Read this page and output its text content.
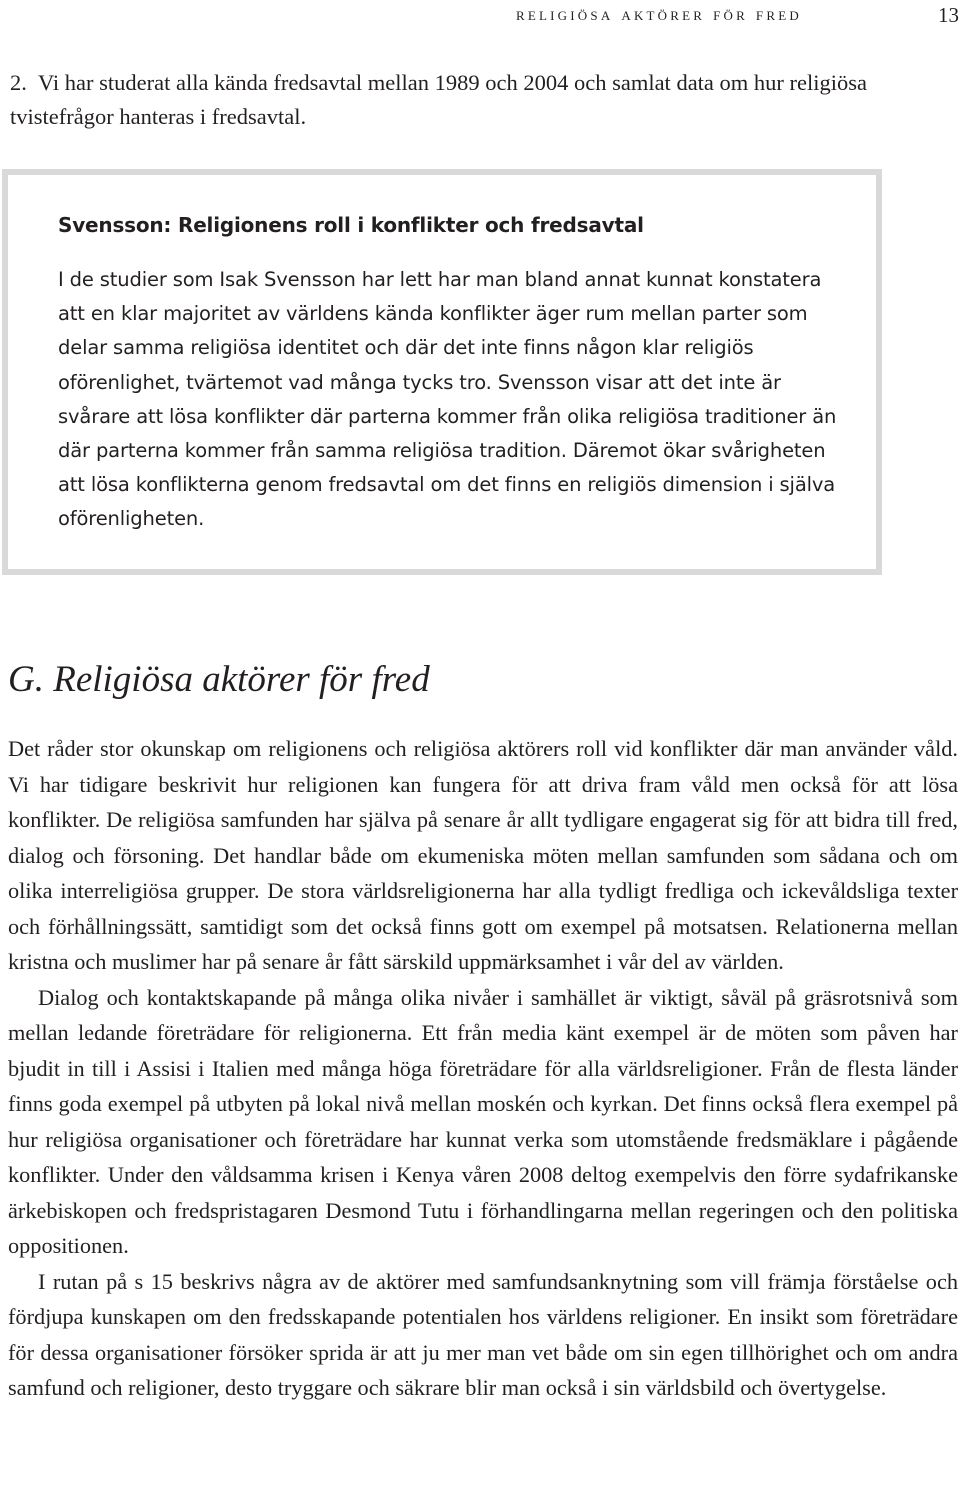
religiösa aktörer för fred	13

2. Vi har studerat alla kända fredsavtal mellan 1989 och 2004 och samlat data om hur religiösa tvistefrågor hanteras i fredsavtal.

Svensson: Religionens roll i konflikter och fredsavtal

I de studier som Isak Svensson har lett har man bland annat kunnat konstatera att en klar majoritet av världens kända konflikter äger rum mellan parter som delar samma religiösa identitet och där det inte finns någon klar religiös oförenlighet, tvärtemot vad många tycks tro. Svensson visar att det inte är svårare att lösa konflikter där parterna kommer från olika religiösa traditioner än där parterna kommer från samma religiösa tradition. Däremot ökar svårigheten att lösa konflikterna genom fredsavtal om det finns en religiös dimension i själva oförenligheten.

G. Religiösa aktörer för fred

Det råder stor okunskap om religionens och religiösa aktörers roll vid konflikter där man använder våld. Vi har tidigare beskrivit hur religionen kan fungera för att driva fram våld men också för att lösa konflikter. De religiösa samfunden har själva på senare år allt tydligare engagerat sig för att bidra till fred, dialog och försoning. Det handlar både om ekumeniska möten mellan samfunden som sådana och om olika interreligiösa grupper. De stora världsreligionerna har alla tydligt fredliga och ickevåldsliga texter och förhållningssätt, samtidigt som det också finns gott om exempel på motsatsen. Relationerna mellan kristna och muslimer har på senare år fått särskild uppmärksamhet i vår del av världen.

Dialog och kontaktskapande på många olika nivåer i samhället är viktigt, såväl på gräsrotsnivå som mellan ledande företrädare för religionerna. Ett från media känt exempel är de möten som påven har bjudit in till i Assisi i Italien med många höga företrädare för alla världsreligioner. Från de flesta länder finns goda exempel på utbyten på lokal nivå mellan moskén och kyrkan. Det finns också flera exempel på hur religiösa organisationer och företrädare har kunnat verka som utomstående fredsmäklare i pågående konflikter. Under den våldsamma krisen i Kenya våren 2008 deltog exempelvis den förre sydafrikanske ärkebiskopen och fredspristagaren Desmond Tutu i förhandlingarna mellan regeringen och den politiska oppositionen.

I rutan på s 15 beskrivs några av de aktörer med samfundsanknytning som vill främja förståelse och fördjupa kunskapen om den fredsskapande potentialen hos världens religioner. En insikt som företrädare för dessa organisationer försöker sprida är att ju mer man vet både om sin egen tillhörighet och om andra samfund och religioner, desto tryggare och säkrare blir man också i sin världsbild och övertygelse.
